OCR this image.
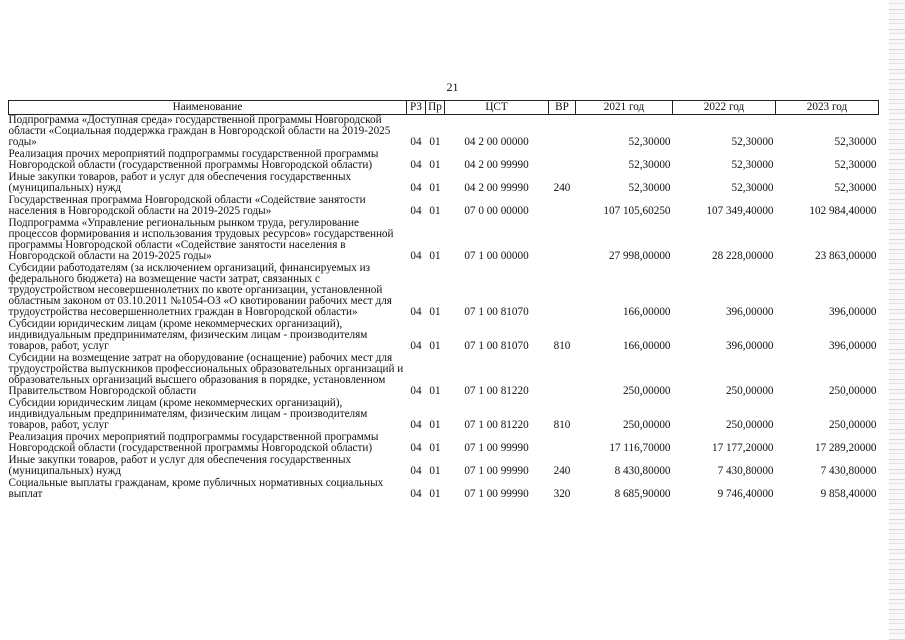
21
Наименование	РЗ	Пр	ЦСТ	ВР	2021 год	2022 год	2023 год
Подпрограмма «Доступная среда» государственной программы Новгородской области «Социальная поддержка граждан в Новгородской области на 2019-2025 годы»	04	01	04 2 00 00000		52,30000	52,30000	52,30000
Реализация прочих мероприятий подпрограммы государственной программы Новгородской области (государственной программы Новгородской области)	04	01	04 2 00 99990		52,30000	52,30000	52,30000
Иные закупки товаров, работ и услуг для обеспечения государственных (муниципальных) нужд	04	01	04 2 00 99990	240	52,30000	52,30000	52,30000
Государственная программа Новгородской области «Содействие занятости населения в Новгородской области на 2019-2025 годы»	04	01	07 0 00 00000		107 105,60250	107 349,40000	102 984,40000
Подпрограмма «Управление региональным рынком труда, регулирование процессов формирования и использования трудовых ресурсов» государственной программы Новгородской области «Содействие занятости населения в Новгородской области на 2019-2025 годы»	04	01	07 1 00 00000		27 998,00000	28 228,00000	23 863,00000
Субсидии работодателям (за исключением организаций, финансируемых из федерального бюджета) на возмещение части затрат, связанных с трудоустройством несовершеннолетних по квоте организации, установленной областным законом от 03.10.2011 №1054-ОЗ «О квотировании рабочих мест для трудоустройства несовершеннолетних граждан в Новгородской области»	04	01	07 1 00 81070		166,00000	396,00000	396,00000
Субсидии юридическим лицам (кроме некоммерческих организаций), индивидуальным предпринимателям, физическим лицам - производителям товаров, работ, услуг	04	01	07 1 00 81070	810	166,00000	396,00000	396,00000
Субсидии на возмещение затрат на оборудование (оснащение) рабочих мест для трудоустройства выпускников профессиональных образовательных организаций и образовательных организаций высшего образования в порядке, установленном Правительством Новгородской области	04	01	07 1 00 81220		250,00000	250,00000	250,00000
Субсидии юридическим лицам (кроме некоммерческих организаций), индивидуальным предпринимателям, физическим лицам - производителям товаров, работ, услуг	04	01	07 1 00 81220	810	250,00000	250,00000	250,00000
Реализация прочих мероприятий подпрограммы государственной программы Новгородской области (государственной программы Новгородской области)	04	01	07 1 00 99990		17 116,70000	17 177,20000	17 289,20000
Иные закупки товаров, работ и услуг для обеспечения государственных (муниципальных) нужд	04	01	07 1 00 99990	240	8 430,80000	7 430,80000	7 430,80000
Социальные выплаты гражданам, кроме публичных нормативных социальных выплат	04	01	07 1 00 99990	320	8 685,90000	9 746,40000	9 858,40000
